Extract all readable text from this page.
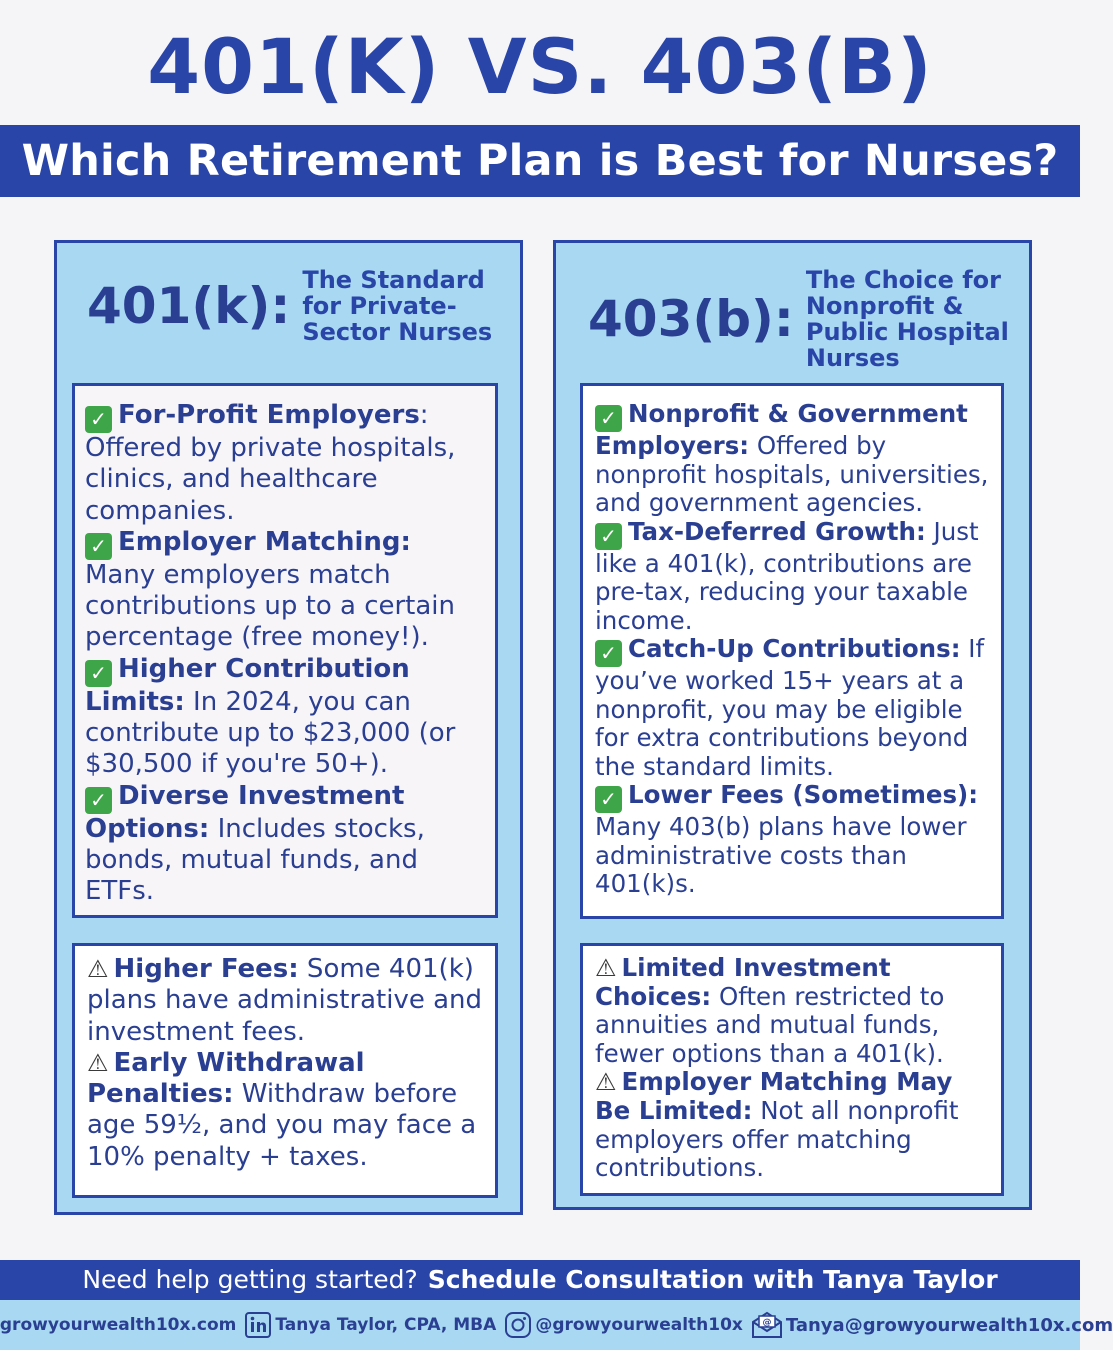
401(K) VS. 403(B)
Which Retirement Plan is Best for Nurses?
401(k): The Standard for Private-Sector Nurses
✓ For-Profit Employers: Offered by private hospitals, clinics, and healthcare companies.
✓ Employer Matching: Many employers match contributions up to a certain percentage (free money!).
✓ Higher Contribution Limits: In 2024, you can contribute up to $23,000 (or $30,500 if you're 50+).
✓ Diverse Investment Options: Includes stocks, bonds, mutual funds, and ETFs.
⚠ Higher Fees: Some 401(k) plans have administrative and investment fees.
⚠ Early Withdrawal Penalties: Withdraw before age 59½, and you may face a 10% penalty + taxes.
403(b):
The Choice for Nonprofit & Public Hospital Nurses
✓ Nonprofit & Government Employers: Offered by nonprofit hospitals, universities, and government agencies.
✓ Tax-Deferred Growth: Just like a 401(k), contributions are pre-tax, reducing your taxable income.
✓ Catch-Up Contributions: If you’ve worked 15+ years at a nonprofit, you may be eligible for extra contributions beyond the standard limits.
✓ Lower Fees (Sometimes): Many 403(b) plans have lower administrative costs than 401(k)s.
⚠ Limited Investment Choices: Often restricted to annuities and mutual funds, fewer options than a 401(k).
⚠ Employer Matching May Be Limited: Not all nonprofit employers offer matching contributions.
Need help getting started? Schedule Consultation with Tanya Taylor
growyourwealth10x.com Tanya Taylor, CPA, MBA @growyourwealth10x @ Tanya@growyourwealth10x.com
